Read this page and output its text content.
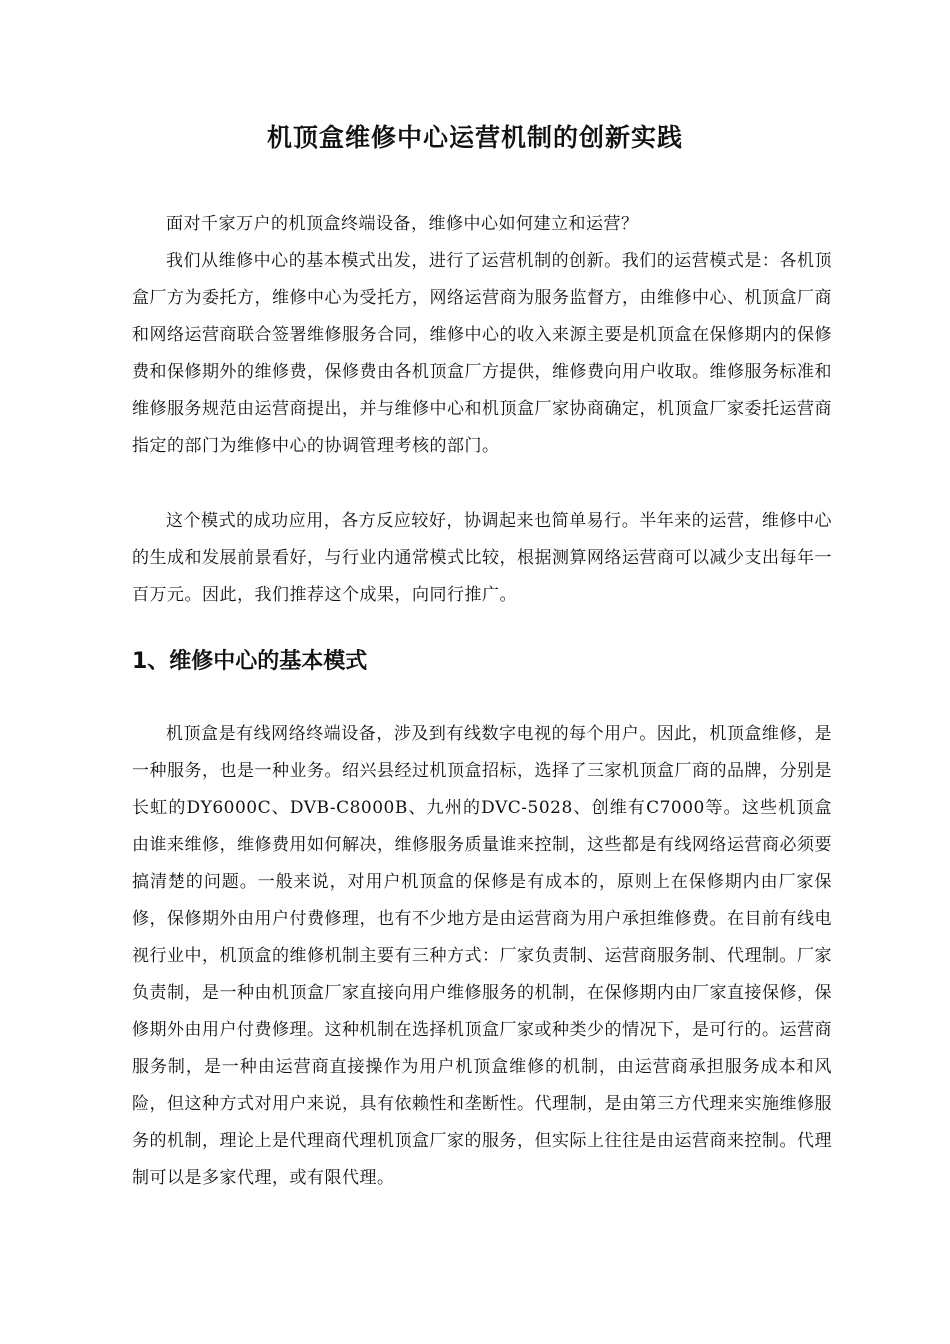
机顶盒维修中心运营机制的创新实践

面对千家万户的机顶盒终端设备，维修中心如何建立和运营？

我们从维修中心的基本模式出发，进行了运营机制的创新。我们的运营模式是：各机顶盒厂方为委托方，维修中心为受托方，网络运营商为服务监督方，由维修中心、机顶盒厂商和网络运营商联合签署维修服务合同，维修中心的收入来源主要是机顶盒在保修期内的保修费和保修期外的维修费，保修费由各机顶盒厂方提供，维修费向用户收取。维修服务标准和维修服务规范由运营商提出，并与维修中心和机顶盒厂家协商确定，机顶盒厂家委托运营商指定的部门为维修中心的协调管理考核的部门。

这个模式的成功应用，各方反应较好，协调起来也简单易行。半年来的运营，维修中心的生成和发展前景看好，与行业内通常模式比较，根据测算网络运营商可以减少支出每年一百万元。因此，我们推荐这个成果，向同行推广。

1、维修中心的基本模式

机顶盒是有线网络终端设备，涉及到有线数字电视的每个用户。因此，机顶盒维修，是一种服务，也是一种业务。绍兴县经过机顶盒招标，选择了三家机顶盒厂商的品牌，分别是长虹的DY6000C、DVB-C8000B、九州的DVC-5028、创维有C7000等。这些机顶盒由谁来维修，维修费用如何解决，维修服务质量谁来控制，这些都是有线网络运营商必须要搞清楚的问题。一般来说，对用户机顶盒的保修是有成本的，原则上在保修期内由厂家保修，保修期外由用户付费修理，也有不少地方是由运营商为用户承担维修费。在目前有线电视行业中，机顶盒的维修机制主要有三种方式：厂家负责制、运营商服务制、代理制。厂家负责制，是一种由机顶盒厂家直接向用户维修服务的机制，在保修期内由厂家直接保修，保修期外由用户付费修理。这种机制在选择机顶盒厂家或种类少的情况下，是可行的。运营商服务制，是一种由运营商直接操作为用户机顶盒维修的机制，由运营商承担服务成本和风险，但这种方式对用户来说，具有依赖性和垄断性。代理制，是由第三方代理来实施维修服务的机制，理论上是代理商代理机顶盒厂家的服务，但实际上往往是由运营商来控制。代理制可以是多家代理，或有限代理。
